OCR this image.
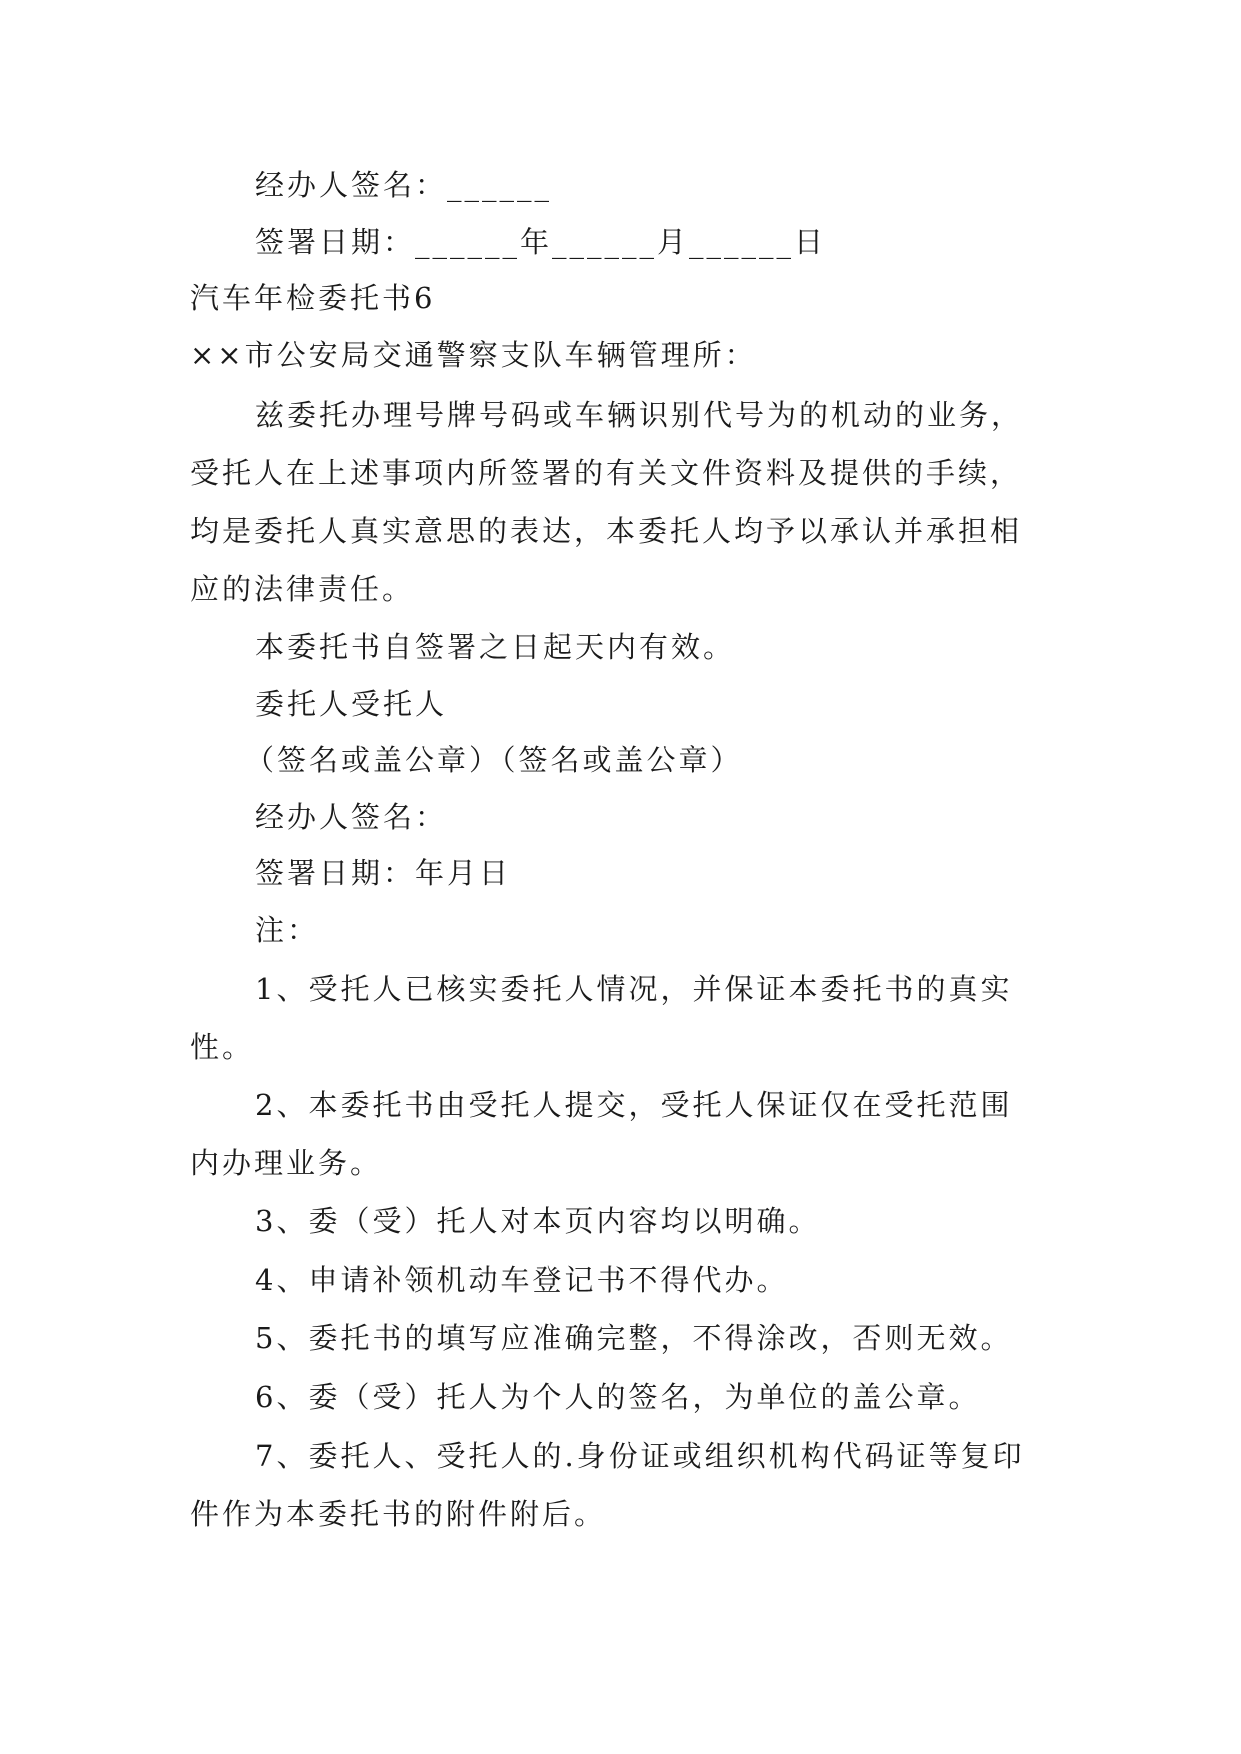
经办人签名：______
签署日期：______年______月______日
汽车年检委托书6
××市公安局交通警察支队车辆管理所：
兹委托办理号牌号码或车辆识别代号为的机动的业务，
受托人在上述事项内所签署的有关文件资料及提供的手续，
均是委托人真实意思的表达，本委托人均予以承认并承担相
应的法律责任。
本委托书自签署之日起天内有效。
委托人受托人
（签名或盖公章）（签名或盖公章）
经办人签名：
签署日期：年月日
注：
1、受托人已核实委托人情况，并保证本委托书的真实
性。
2、本委托书由受托人提交，受托人保证仅在受托范围
内办理业务。
3、委（受）托人对本页内容均以明确。
4、申请补领机动车登记书不得代办。
5、委托书的填写应准确完整，不得涂改，否则无效。
6、委（受）托人为个人的签名，为单位的盖公章。
7、委托人、受托人的.身份证或组织机构代码证等复印
件作为本委托书的附件附后。
